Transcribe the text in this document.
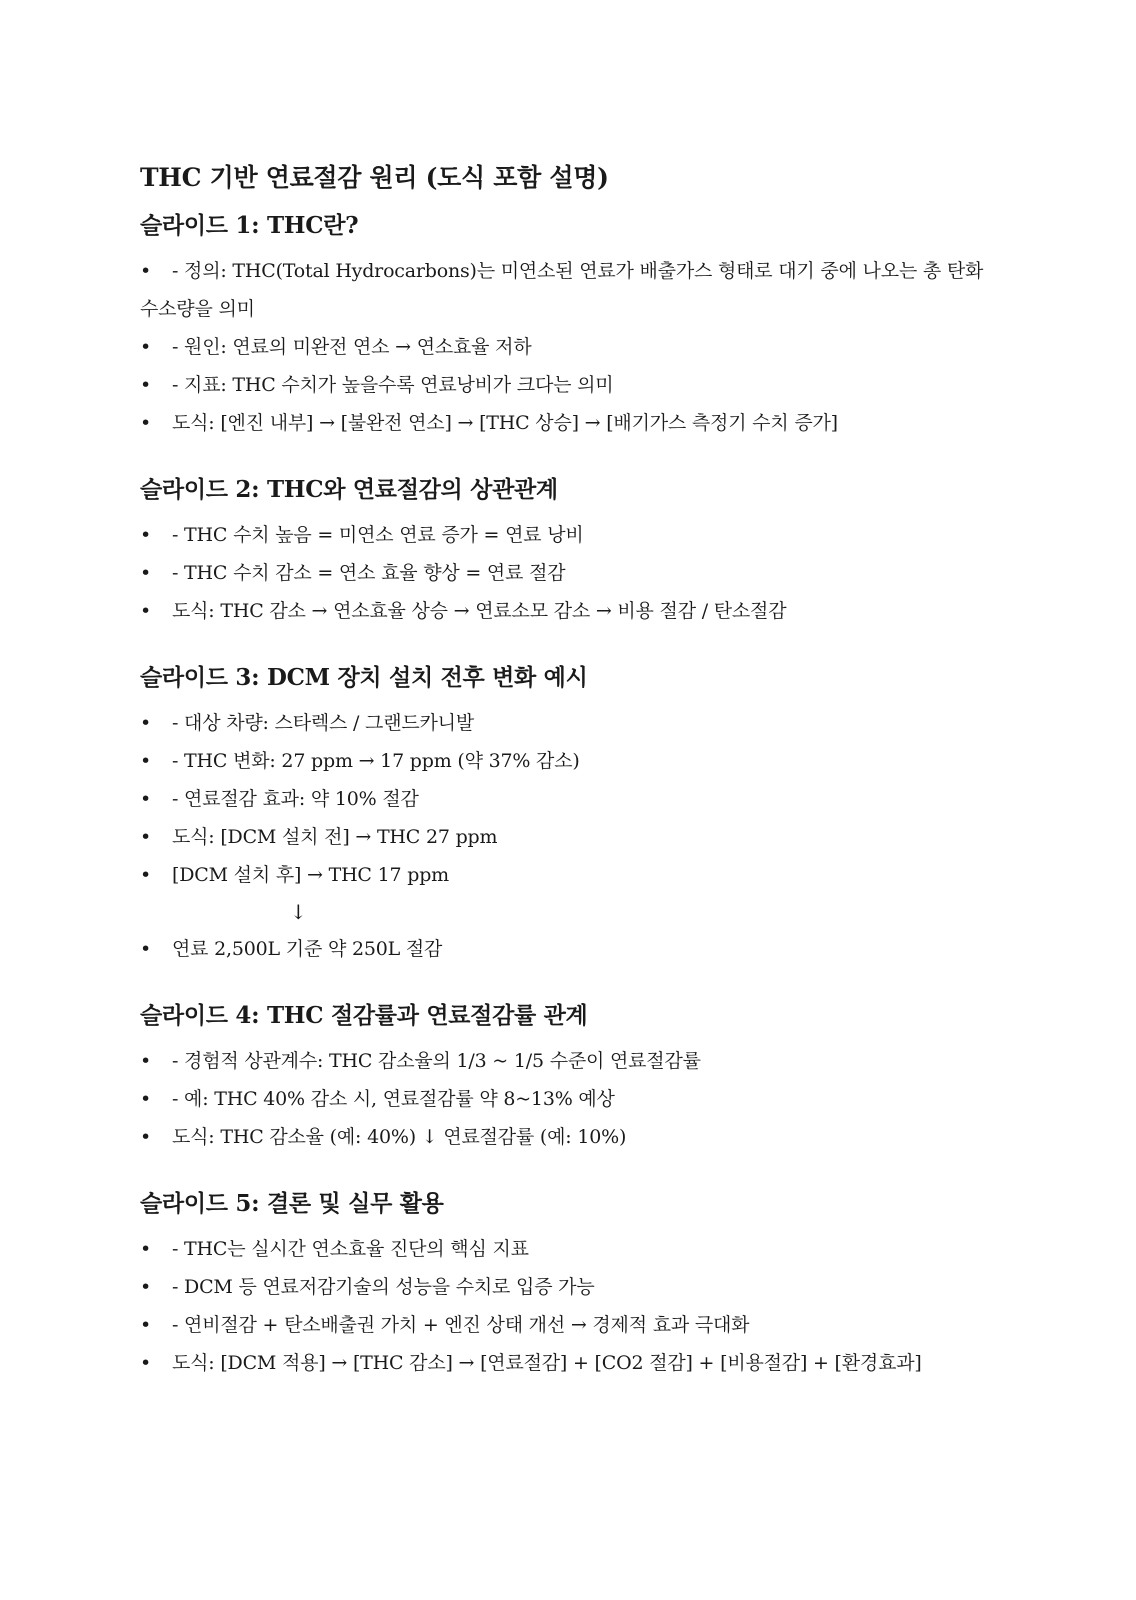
THC 기반 연료절감 원리 (도식 포함 설명)
슬라이드 1: THC란?
• - 정의: THC(Total Hydrocarbons)는 미연소된 연료가 배출가스 형태로 대기 중에 나오는 총 탄화수소량을 의미
• - 원인: 연료의 미완전 연소 → 연소효율 저하
• - 지표: THC 수치가 높을수록 연료낭비가 크다는 의미
• 도식: [엔진 내부] → [불완전 연소] → [THC 상승] → [배기가스 측정기 수치 증가]
슬라이드 2: THC와 연료절감의 상관관계
• - THC 수치 높음 = 미연소 연료 증가 = 연료 낭비
• - THC 수치 감소 = 연소 효율 향상 = 연료 절감
• 도식: THC 감소 → 연소효율 상승 → 연료소모 감소 → 비용 절감 / 탄소절감
슬라이드 3: DCM 장치 설치 전후 변화 예시
• - 대상 차량: 스타렉스 / 그랜드카니발
• - THC 변화: 27 ppm → 17 ppm (약 37% 감소)
• - 연료절감 효과: 약 10% 절감
• 도식: [DCM 설치 전] → THC 27 ppm
• [DCM 설치 후] → THC 17 ppm
↓
• 연료 2,500L 기준 약 250L 절감
슬라이드 4: THC 절감률과 연료절감률 관계
• - 경험적 상관계수: THC 감소율의 1/3 ~ 1/5 수준이 연료절감률
• - 예: THC 40% 감소 시, 연료절감률 약 8~13% 예상
• 도식: THC 감소율 (예: 40%) ↓ 연료절감률 (예: 10%)
슬라이드 5: 결론 및 실무 활용
• - THC는 실시간 연소효율 진단의 핵심 지표
• - DCM 등 연료저감기술의 성능을 수치로 입증 가능
• - 연비절감 + 탄소배출권 가치 + 엔진 상태 개선 → 경제적 효과 극대화
• 도식: [DCM 적용] → [THC 감소] → [연료절감] + [CO2 절감] + [비용절감] + [환경효과]
